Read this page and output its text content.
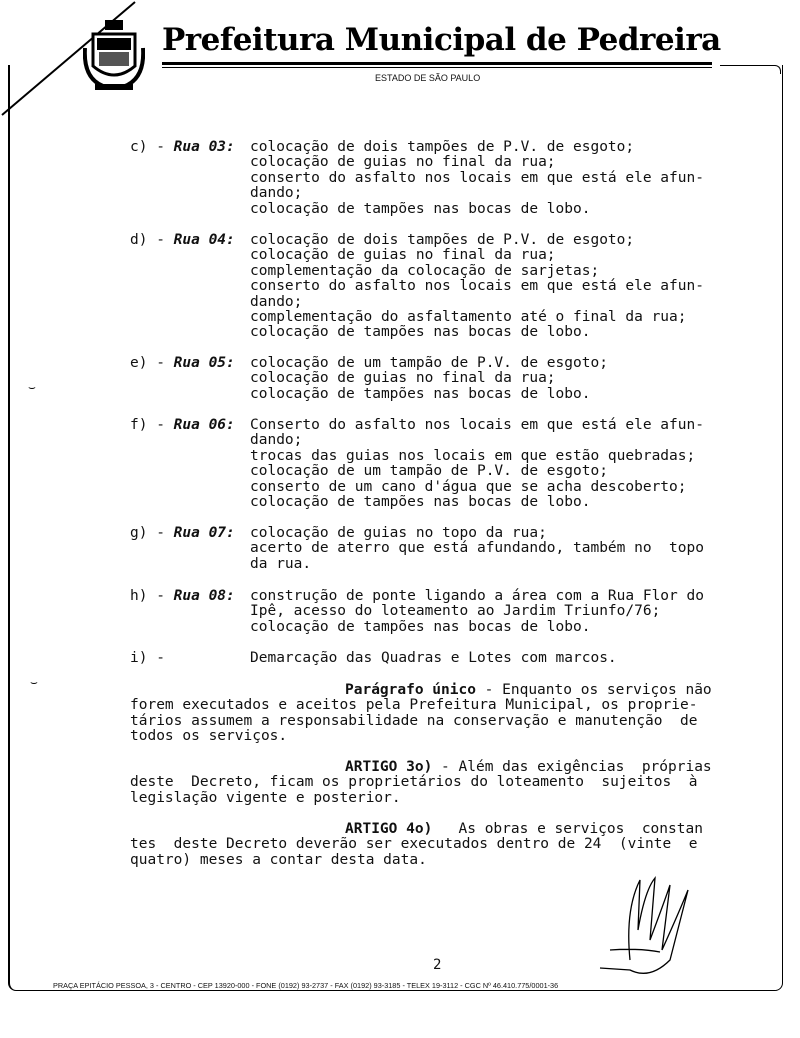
Prefeitura Municipal de Pedreira
ESTADO DE SÃO PAULO
⌣
⌣
c) - Rua 03:	colocação de dois tampões de P.V. de esgoto;
colocação de guias no final da rua;
conserto do asfalto nos locais em que está ele afun-
dando;
colocação de tampões nas bocas de lobo.
d) - Rua 04:	colocação de dois tampões de P.V. de esgoto;
colocação de guias no final da rua;
complementação da colocação de sarjetas;
conserto do asfalto nos locais em que está ele afun-
dando;
complementação do asfaltamento até o final da rua;
colocação de tampões nas bocas de lobo.
e) - Rua 05:	colocação de um tampão de P.V. de esgoto;
colocação de guias no final da rua;
colocação de tampões nas bocas de lobo.
f) - Rua 06:	Conserto do asfalto nos locais em que está ele afun-
dando;
trocas das guias nos locais em que estão quebradas;
colocação de um tampão de P.V. de esgoto;
conserto de um cano d'água que se acha descoberto;
colocação de tampões nas bocas de lobo.
g) - Rua 07:	colocação de guias no topo da rua;
acerto de aterro que está afundando, também no  topo
da rua.
h) - Rua 08:	construção de ponte ligando a área com a Rua Flor do
Ipê, acesso do loteamento ao Jardim Triunfo/76;
colocação de tampões nas bocas de lobo.
i) -	Demarcação das Quadras e Lotes com marcos.
Parágrafo único - Enquanto os serviços não
forem executados e aceitos pela Prefeitura Municipal, os proprie-
tários assumem a responsabilidade na conservação e manutenção  de
todos os serviços.
ARTIGO 3o) - Além das exigências  próprias
deste  Decreto, ficam os proprietários do loteamento  sujeitos  à
legislação vigente e posterior.
ARTIGO 4o)   As obras e serviços  constan
tes  deste Decreto deverão ser executados dentro de 24  (vinte  e
quatro) meses a contar desta data.
2
PRAÇA EPITÁCIO PESSOA, 3 - CENTRO - CEP 13920-000 - FONE (0192) 93-2737 - FAX (0192) 93-3185 - TELEX 19-3112 - CGC Nº 46.410.775/0001-36
